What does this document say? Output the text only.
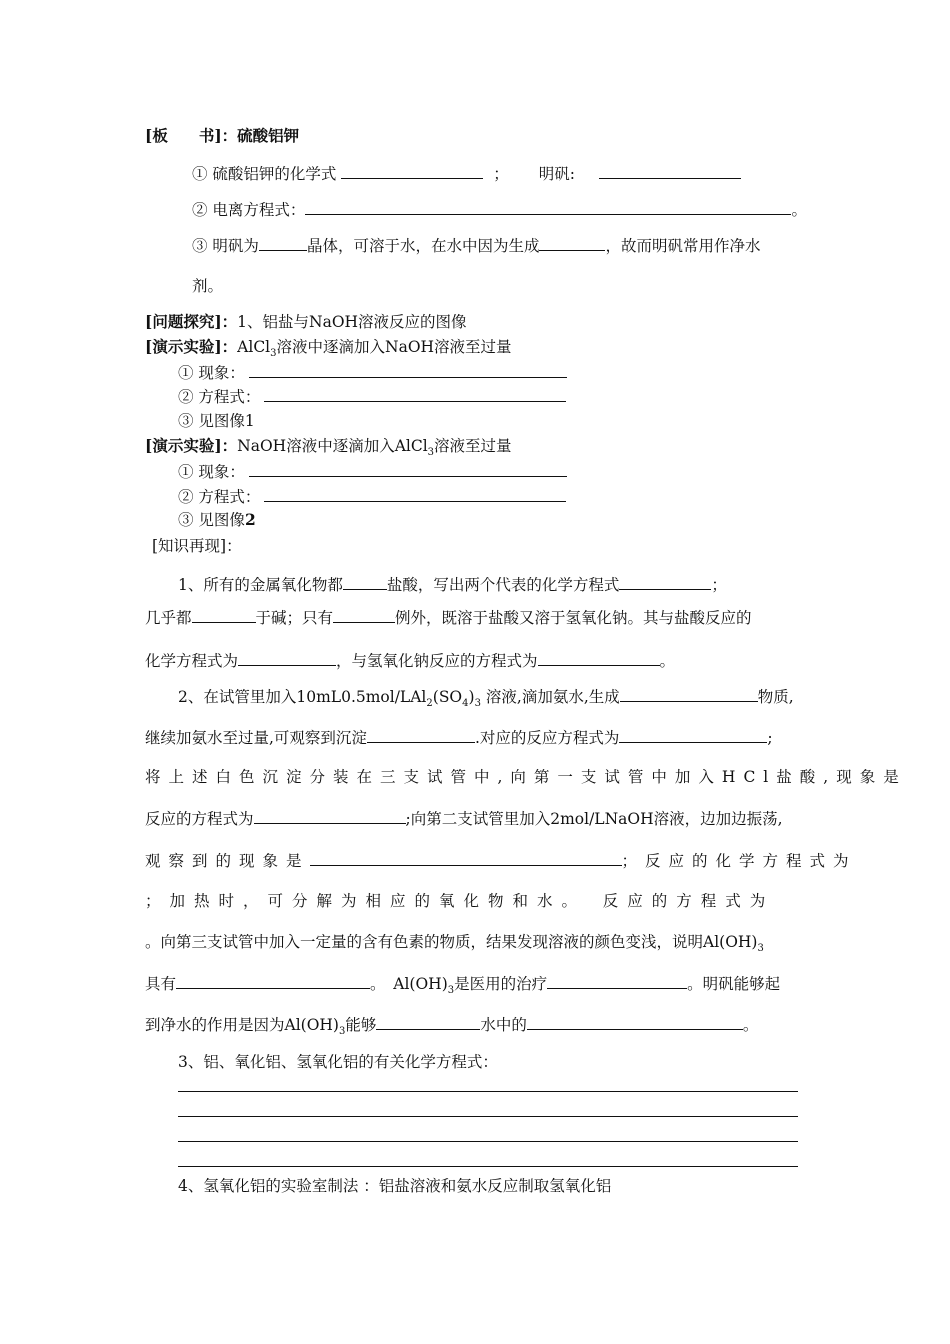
[板　　书]：硫酸铝钾
① 硫酸铝钾的化学式	； 明矾:
② 电离方程式：	。
③ 明矾为	晶体，可溶于水，在水中因为生成	，故而明矾常用作净水
剂。
[问题探究]：1、铝盐与NaOH溶液反应的图像
[演示实验]：AlCl$_3$溶液中逐滴加入NaOH溶液至过量
① 现象：
② 方程式：
③ 见图像1
[演示实验]：NaOH溶液中逐滴加入AlCl$_3$溶液至过量
① 现象：
② 方程式：
③ 见图像2
[知识再现]：
1、所有的金属氧化物都	盐酸，写出两个代表的化学方程式	；
几乎都	于碱；只有	例外，既溶于盐酸又溶于氢氧化钠。其与盐酸反应的
化学方程式为	，与氢氧化钠反应的方程式为	。
2、在试管里加入$10mL0.5mol/LAl_2(SO_4)_3$ 溶液,滴加氨水,生成	物质,
继续加氨水至过量,可观察到沉淀	.对应的反应方程式为	;
将上述白色沉淀分装在三支试管中,向第一支试管中加入HCl盐酸,现象是
反应的方程式为	;向第二支试管里加入2mol/LNaOH溶液，边加边振荡,
观察到的现象是	；反应的化学方程式为
；加热时，可分解为相应的氧化物和水。　反应的方程式为
。向第三支试管中加入一定量的含有色素的物质，结果发现溶液的颜色变浅，说明$Al(OH)_3$
具有	。　$Al(OH)_3$是医用的治疗	。明矾能够起
到净水的作用是因为$Al(OH)_3$能够	水中的	。
3、铝、氧化铝、氢氧化铝的有关化学方程式：
4、氢氧化铝的实验室制法 ：铝盐溶液和氨水反应制取氢氧化铝
